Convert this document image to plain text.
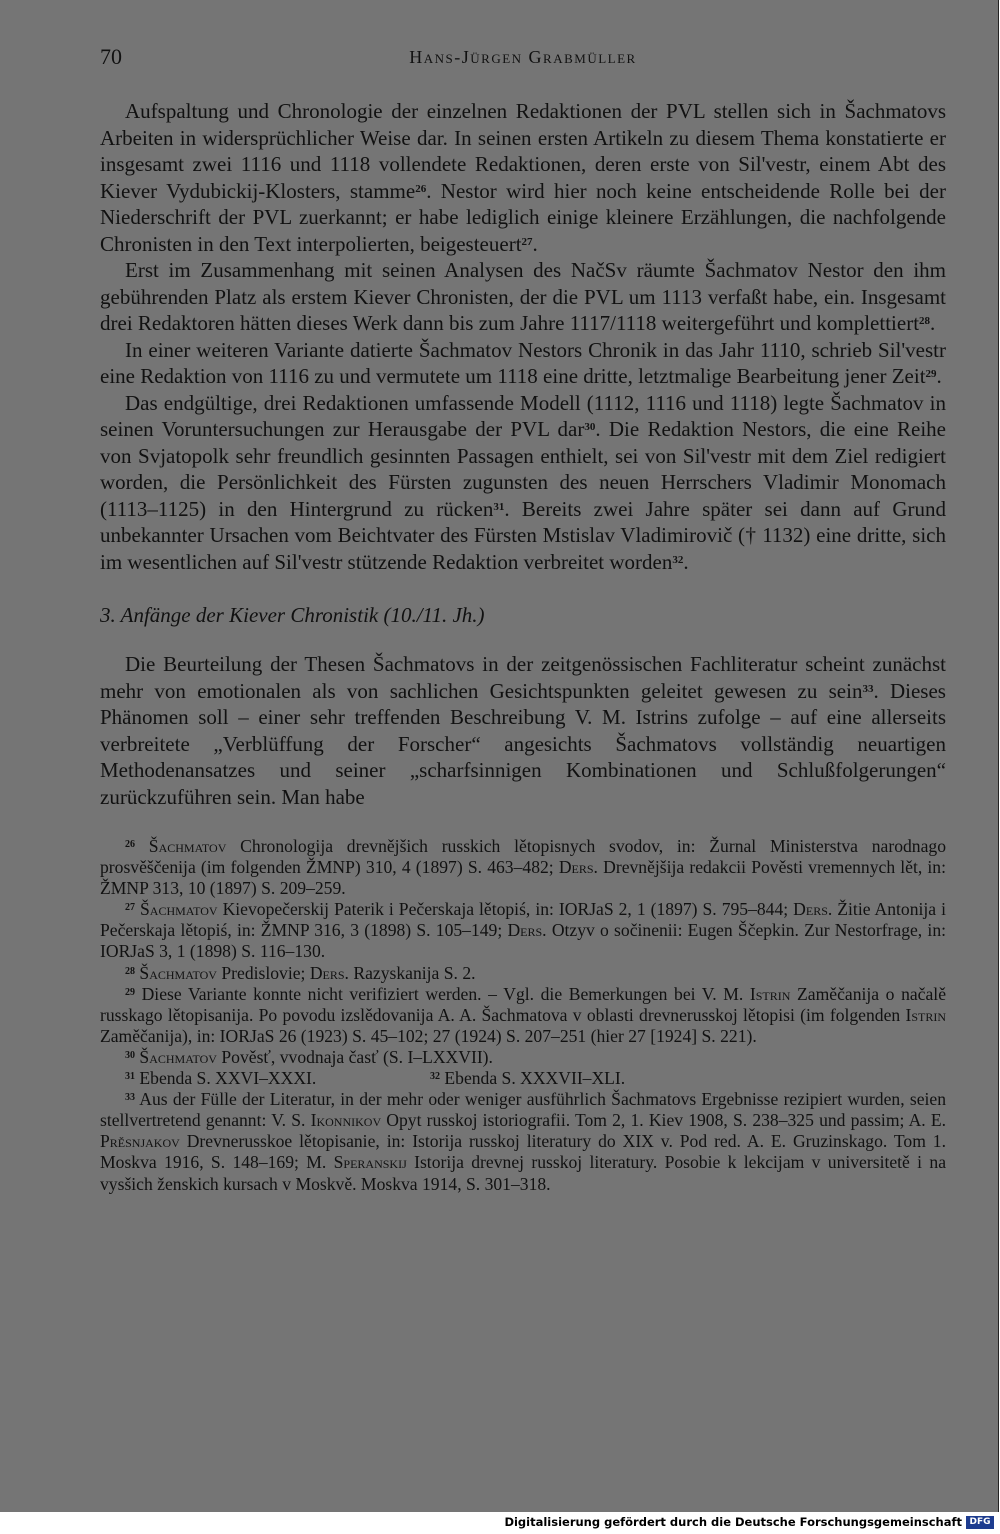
70	Hans-Jürgen Grabmüller

Aufspaltung und Chronologie der einzelnen Redaktionen der PVL stellen sich in Šachmatovs Arbeiten in widersprüchlicher Weise dar. In seinen ersten Artikeln zu diesem Thema konstatierte er insgesamt zwei 1116 und 1118 vollendete Redaktionen, deren erste von Sil'vestr, einem Abt des Kiever Vydubickij-Klosters, stamme$^{26}$. Nestor wird hier noch keine entscheidende Rolle bei der Niederschrift der PVL zuerkannt; er habe lediglich einige kleinere Erzählungen, die nachfolgende Chronisten in den Text interpolierten, beigesteuert$^{27}$.

Erst im Zusammenhang mit seinen Analysen des NačSv räumte Šachmatov Nestor den ihm gebührenden Platz als erstem Kiever Chronisten, der die PVL um 1113 verfaßt habe, ein. Insgesamt drei Redaktoren hätten dieses Werk dann bis zum Jahre 1117/1118 weitergeführt und komplettiert$^{28}$.

In einer weiteren Variante datierte Šachmatov Nestors Chronik in das Jahr 1110, schrieb Sil'vestr eine Redaktion von 1116 zu und vermutete um 1118 eine dritte, letztmalige Bearbeitung jener Zeit$^{29}$.

Das endgültige, drei Redaktionen umfassende Modell (1112, 1116 und 1118) legte Šachmatov in seinen Voruntersuchungen zur Herausgabe der PVL dar$^{30}$. Die Redaktion Nestors, die eine Reihe von Svjatopolk sehr freundlich gesinnten Passagen enthielt, sei von Sil'vestr mit dem Ziel redigiert worden, die Persönlichkeit des Fürsten zugunsten des neuen Herrschers Vladimir Monomach (1113–1125) in den Hintergrund zu rücken$^{31}$. Bereits zwei Jahre später sei dann auf Grund unbekannter Ursachen vom Beichtvater des Fürsten Mstislav Vladimirovič († 1132) eine dritte, sich im wesentlichen auf Sil'vestr stützende Redaktion verbreitet worden$^{32}$.

3. Anfänge der Kiever Chronistik (10./11. Jh.)

Die Beurteilung der Thesen Šachmatovs in der zeitgenössischen Fachliteratur scheint zunächst mehr von emotionalen als von sachlichen Gesichtspunkten geleitet gewesen zu sein$^{33}$. Dieses Phänomen soll – einer sehr treffenden Beschreibung V. M. Istrins zufolge – auf eine allerseits verbreitete „Verblüffung der Forscher“ angesichts Šachmatovs vollständig neuartigen Methodenansatzes und seiner „scharfsinnigen Kombinationen und Schlußfolgerungen“ zurückzuführen sein. Man habe

$^{26}$ Šachmatov Chronologija drevnějšich russkich lětopisnych svodov, in: Žurnal Ministerstva narodnago prosvěščenija (im folgenden ŽMNP) 310, 4 (1897) S. 463–482; Ders. Drevnějšija redakcii Pověsti vremennych lět, in: ŽMNP 313, 10 (1897) S. 209–259.

$^{27}$ Šachmatov Kievopečerskij Paterik i Pečerskaja lětopiś, in: IORJaS 2, 1 (1897) S. 795–844; Ders. Žitie Antonija i Pečerskaja lětopiś, in: ŽMNP 316, 3 (1898) S. 105–149; Ders. Otzyv o sočinenii: Eugen Ščepkin. Zur Nestorfrage, in: IORJaS 3, 1 (1898) S. 116–130.

$^{28}$ Šachmatov Predislovie; Ders. Razyskanija S. 2.

$^{29}$ Diese Variante konnte nicht verifiziert werden. – Vgl. die Bemerkungen bei V. M. Istrin Zaměčanija o načalě russkago lětopisanija. Po povodu izslědovanija A. A. Šachmatova v oblasti drevnerusskoj lětopisi (im folgenden Istrin Zaměčanija), in: IORJaS 26 (1923) S. 45–102; 27 (1924) S. 207–251 (hier 27 [1924] S. 221).

$^{30}$ Šachmatov Pověsť, vvodnaja časť (S. I–LXXVII).

$^{31}$ Ebenda S. XXVI–XXXI.	$^{32}$ Ebenda S. XXXVII–XLI.

$^{33}$ Aus der Fülle der Literatur, in der mehr oder weniger ausführlich Šachmatovs Ergebnisse rezipiert wurden, seien stellvertretend genannt: V. S. Ikonnikov Opyt russkoj istoriografii. Tom 2, 1. Kiev 1908, S. 238–325 und passim; A. E. Prěsnjakov Drevnerusskoe lětopisanie, in: Istorija russkoj literatury do XIX v. Pod red. A. E. Gruzinskago. Tom 1. Moskva 1916, S. 148–169; M. Speranskij Istorija drevnej russkoj literatury. Posobie k lekcijam v universitetě i na vysšich ženskich kursach v Moskvě. Moskva 1914, S. 301–318.

Digitalisierung gefördert durch die Deutsche Forschungsgemeinschaft DFG
